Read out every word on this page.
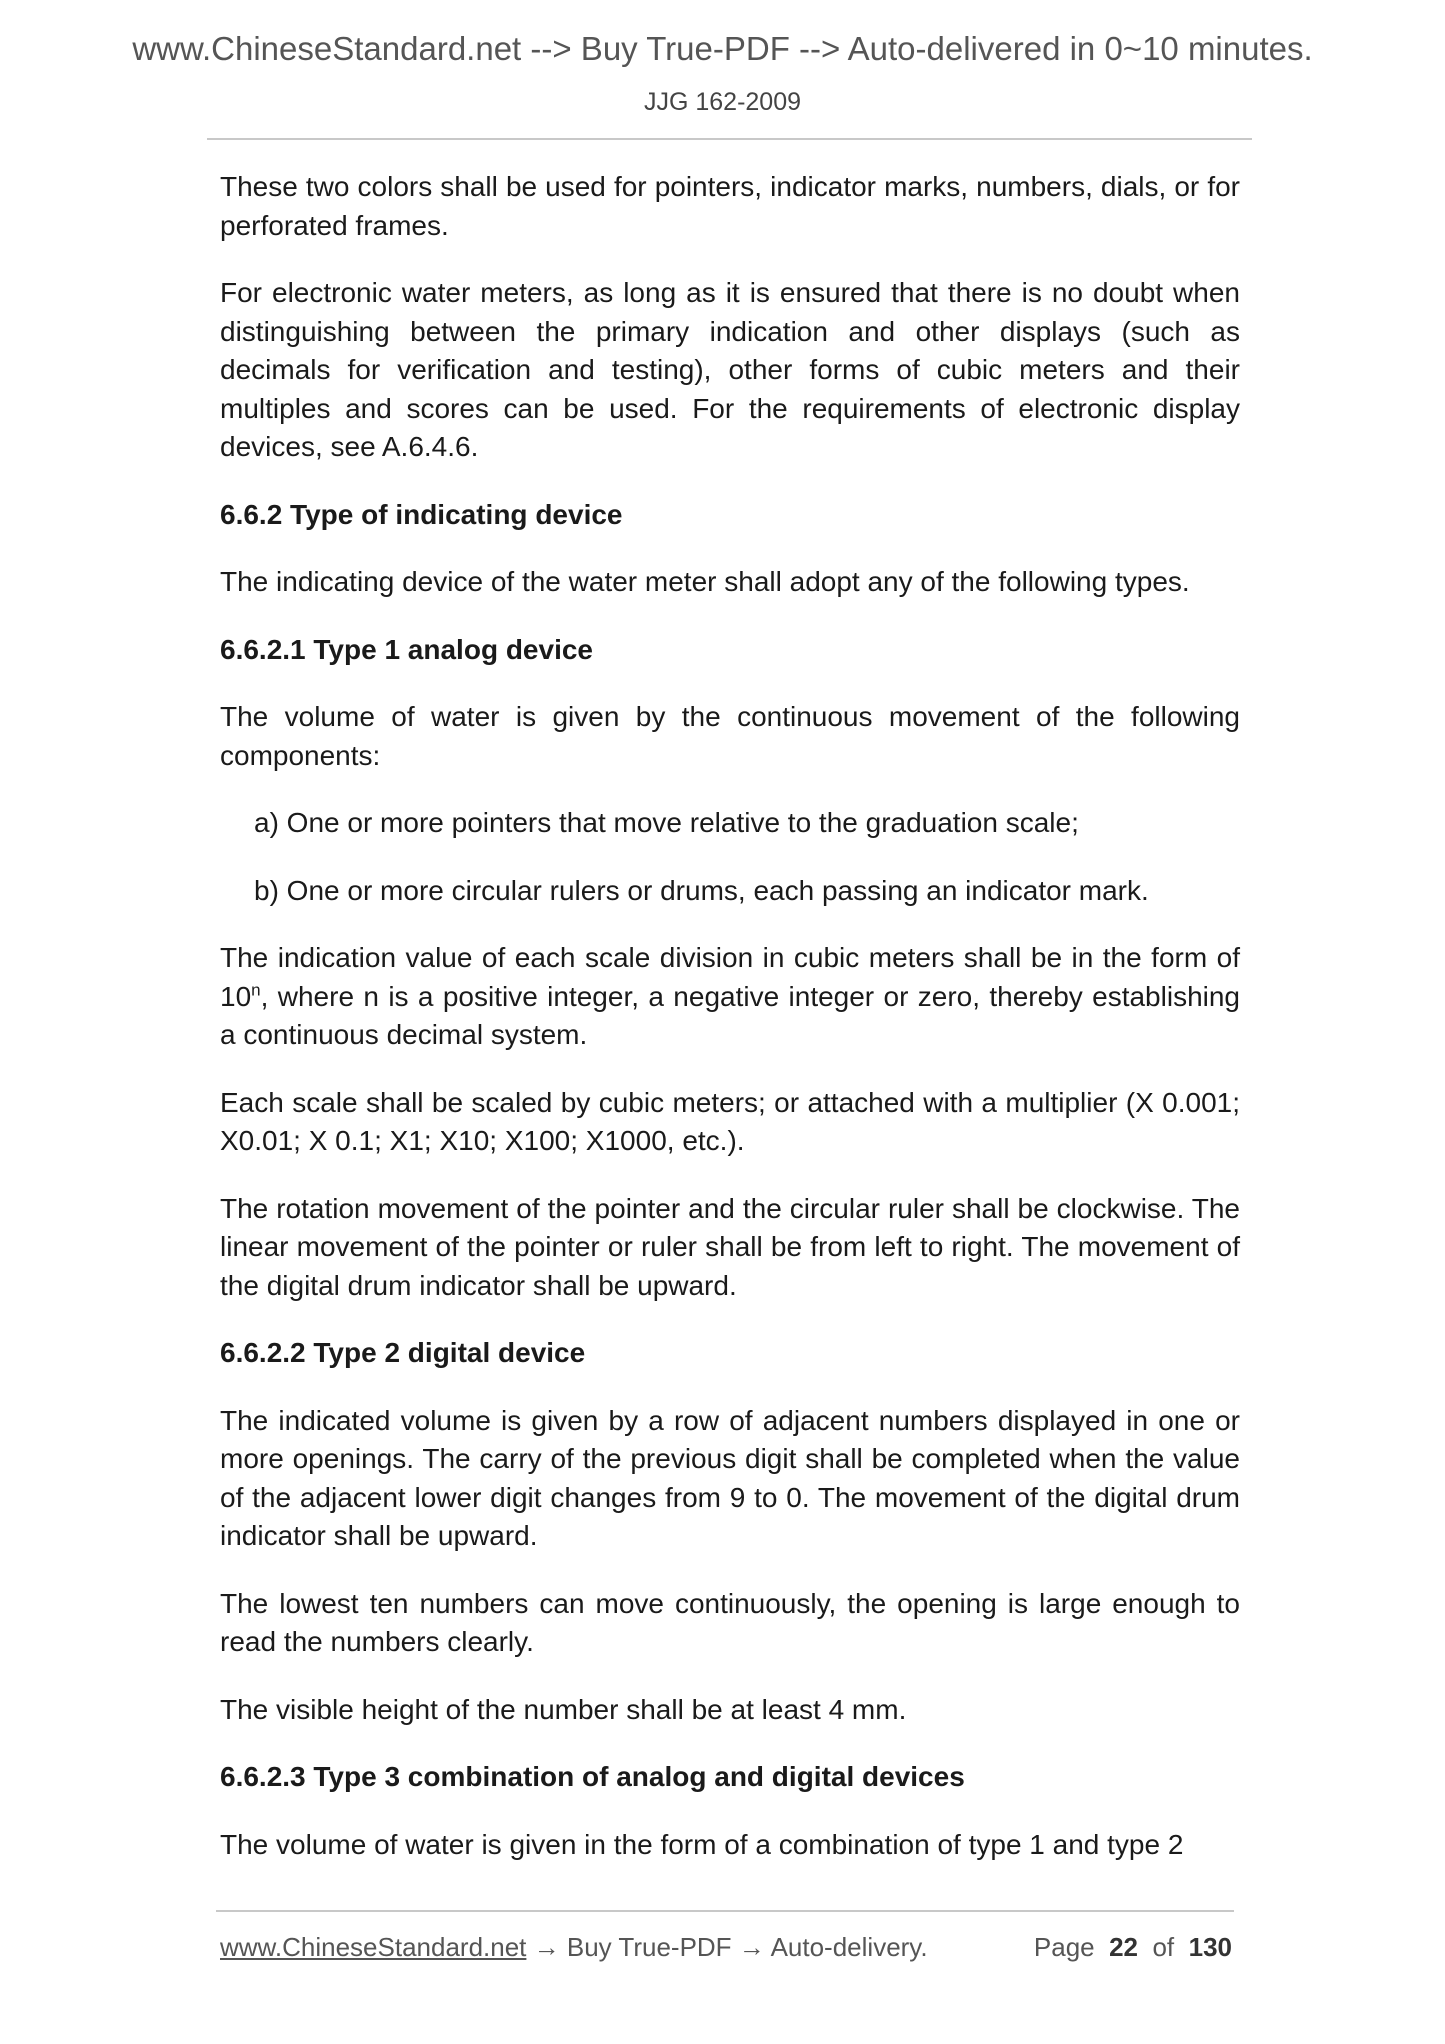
www.ChineseStandard.net --> Buy True-PDF --> Auto-delivered in 0~10 minutes.
JJG 162-2009

These two colors shall be used for pointers, indicator marks, numbers, dials, or for perforated frames.

For electronic water meters, as long as it is ensured that there is no doubt when distinguishing between the primary indication and other displays (such as decimals for verification and testing), other forms of cubic meters and their multiples and scores can be used. For the requirements of electronic display devices, see A.6.4.6.

6.6.2 Type of indicating device

The indicating device of the water meter shall adopt any of the following types.

6.6.2.1 Type 1 analog device

The volume of water is given by the continuous movement of the following components:

a) One or more pointers that move relative to the graduation scale;

b) One or more circular rulers or drums, each passing an indicator mark.

The indication value of each scale division in cubic meters shall be in the form of 10$^n$, where n is a positive integer, a negative integer or zero, thereby establishing a continuous decimal system.

Each scale shall be scaled by cubic meters; or attached with a multiplier (X 0.001; X0.01; X 0.1; X1; X10; X100; X1000, etc.).

The rotation movement of the pointer and the circular ruler shall be clockwise. The linear movement of the pointer or ruler shall be from left to right. The movement of the digital drum indicator shall be upward.

6.6.2.2 Type 2 digital device

The indicated volume is given by a row of adjacent numbers displayed in one or more openings. The carry of the previous digit shall be completed when the value of the adjacent lower digit changes from 9 to 0. The movement of the digital drum indicator shall be upward.

The lowest ten numbers can move continuously, the opening is large enough to read the numbers clearly.

The visible height of the number shall be at least 4 mm.

6.6.2.3 Type 3 combination of analog and digital devices

The volume of water is given in the form of a combination of type 1 and type 2

www.ChineseStandard.net → Buy True-PDF → Auto-delivery.	Page 22 of 130
